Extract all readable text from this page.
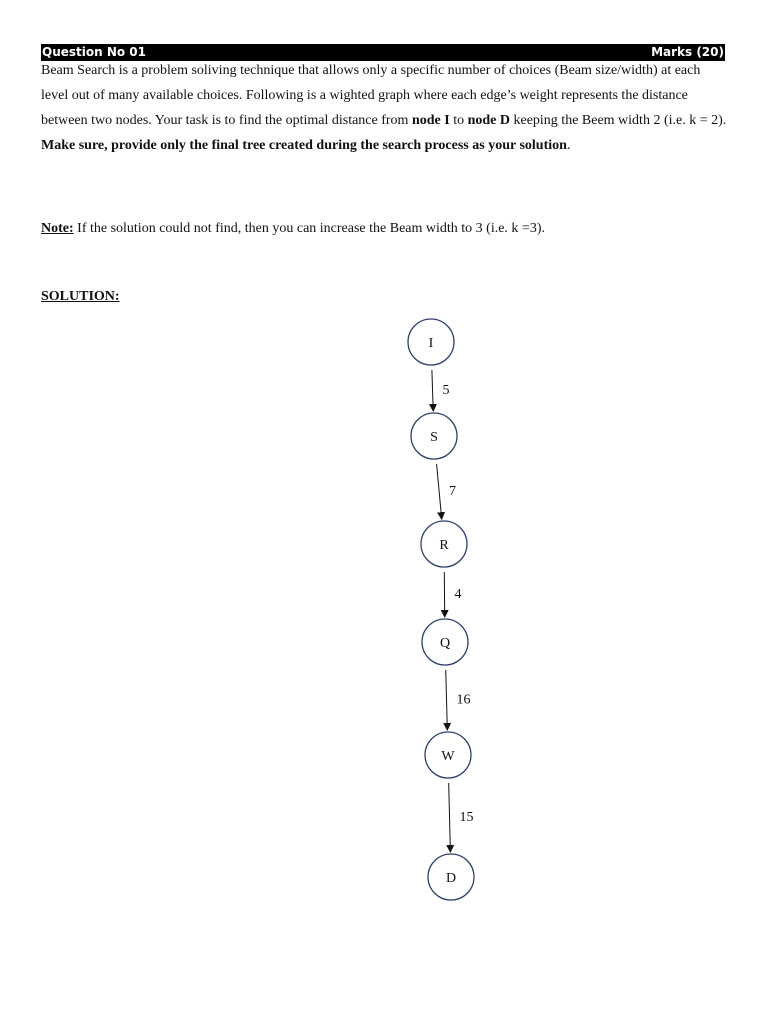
Question No 01	Marks (20)

Beam Search is a problem soliving technique that allows only a specific number of choices (Beam size/width) at each level out of many available choices. Following is a wighted graph where each edge’s weight represents the distance between two nodes. Your task is to find the optimal distance from node I to node D keeping the Beem width 2 (i.e. k = 2).

Make sure, provide only the final tree created during the search process as your solution.

Note: If the solution could not find, then you can increase the Beam width to 3 (i.e. k =3).

SOLUTION:

5
7
4
16
15
I
S
R
Q
W
D
